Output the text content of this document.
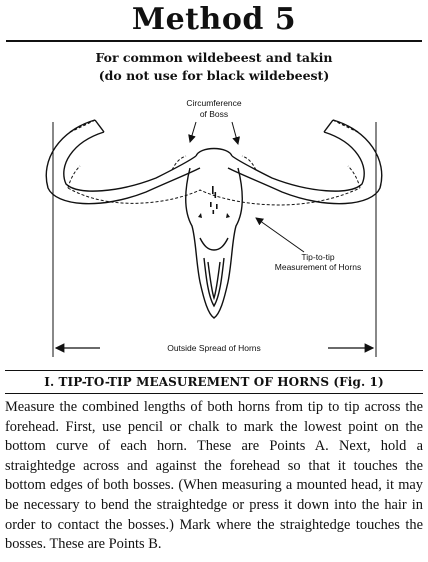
Method 5
For common wildebeest and takin
(do not use for black wildebeest)
Circumference
of Boss
Tip-to-tip
Measurement of Horns
Outside Spread of Horns
I. TIP-TO-TIP MEASUREMENT OF HORNS (Fig. 1)
Measure the combined lengths of both horns from tip to tip across the forehead. First, use pencil or chalk to mark the lowest point on the bottom curve of each horn. These are Points A. Next, hold a straightedge across and against the forehead so that it touches the bottom edges of both bosses. (When measuring a mounted head, it may be necessary to bend the straightedge or press it down into the hair in order to contact the bosses.) Mark where the straightedge touches the bosses. These are Points B.
